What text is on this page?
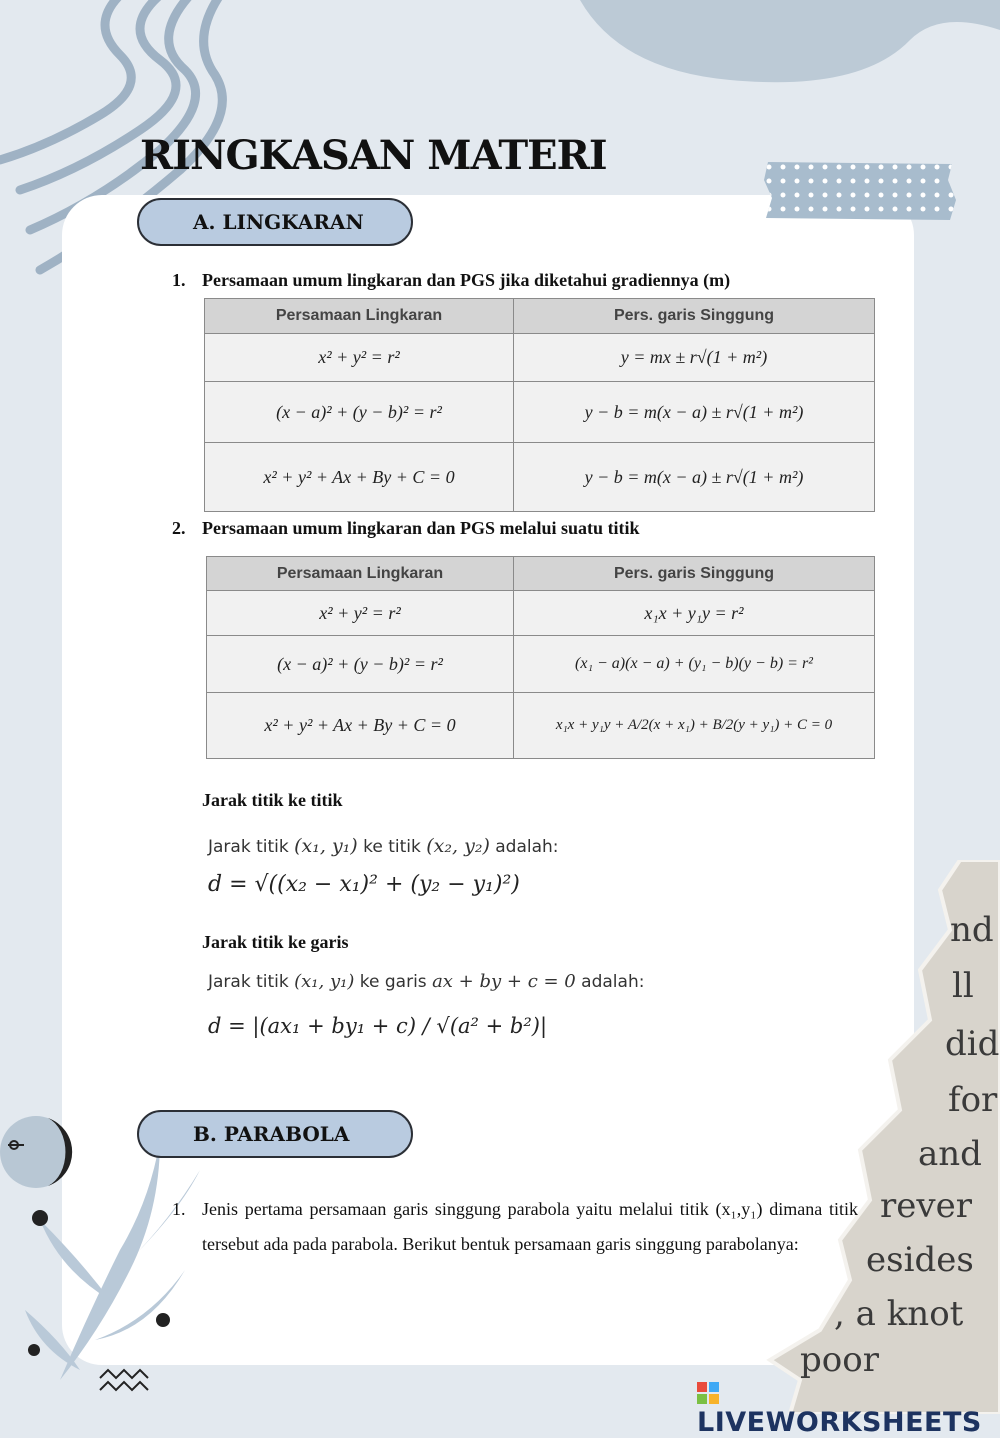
nd
ll
did
for
and
rever
esides
, a knot
poor
RINGKASAN MATERI
A. LINGKARAN
1. Persamaan umum lingkaran dan PGS jika diketahui gradiennya (m)
Persamaan Lingkaran	Pers. garis Singgung
x² + y² = r²	y = mx ± r√(1 + m²)
(x − a)² + (y − b)² = r²	y − b = m(x − a) ± r√(1 + m²)
x² + y² + Ax + By + C = 0	y − b = m(x − a) ± r√(1 + m²)
2. Persamaan umum lingkaran dan PGS melalui suatu titik
Persamaan Lingkaran	Pers. garis Singgung
x² + y² = r²	x₁x + y₁y = r²
(x − a)² + (y − b)² = r²	(x₁ − a)(x − a) + (y₁ − b)(y − b) = r²
x² + y² + Ax + By + C = 0	x₁x + y₁y + A/2(x + x₁) + B/2(y + y₁) + C = 0
Jarak titik ke titik
Jarak titik (x₁, y₁) ke titik (x₂, y₂) adalah:
d = √((x₂ − x₁)² + (y₂ − y₁)²)
Jarak titik ke garis
Jarak titik (x₁, y₁) ke garis ax + by + c = 0 adalah:
d = |(ax₁ + by₁ + c) / √(a² + b²)|
B. PARABOLA
1. Jenis pertama persamaan garis singgung parabola yaitu melalui titik (x₁,y₁) dimana titik tersebut ada pada parabola. Berikut bentuk persamaan garis singgung parabolanya:
LIVEWORKSHEETS
